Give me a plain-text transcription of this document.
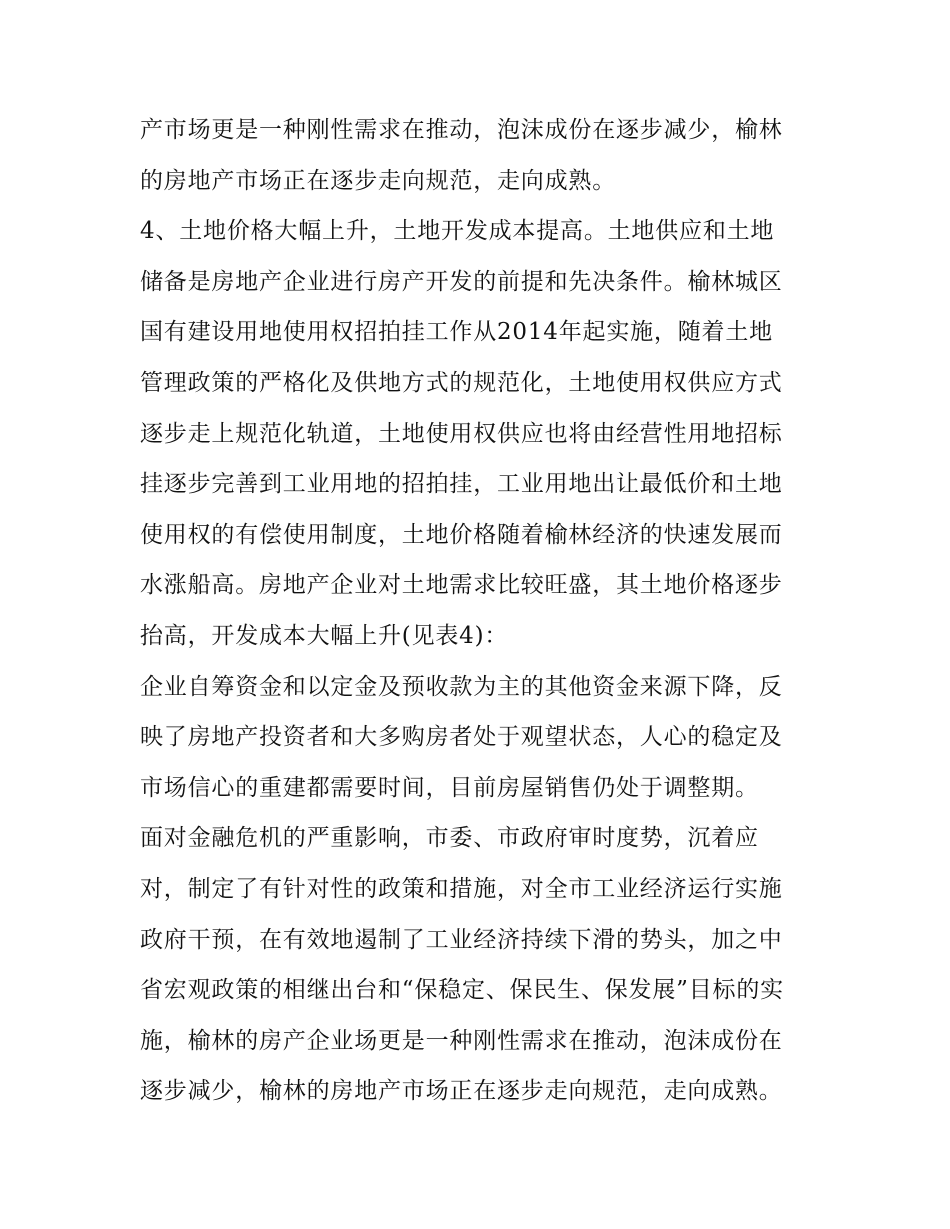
产市场更是一种刚性需求在推动，泡沫成份在逐步减少，榆林
的房地产市场正在逐步走向规范，走向成熟。
4、土地价格大幅上升，土地开发成本提高。土地供应和土地
储备是房地产企业进行房产开发的前提和先决条件。榆林城区
国有建设用地使用权招拍挂工作从2014年起实施，随着土地
管理政策的严格化及供地方式的规范化，土地使用权供应方式
逐步走上规范化轨道，土地使用权供应也将由经营性用地招标
挂逐步完善到工业用地的招拍挂，工业用地出让最低价和土地
使用权的有偿使用制度，土地价格随着榆林经济的快速发展而
水涨船高。房地产企业对土地需求比较旺盛，其土地价格逐步
抬高，开发成本大幅上升(见表4)：
企业自筹资金和以定金及预收款为主的其他资金来源下降，反
映了房地产投资者和大多购房者处于观望状态，人心的稳定及
市场信心的重建都需要时间，目前房屋销售仍处于调整期。
面对金融危机的严重影响，市委、市政府审时度势，沉着应
对，制定了有针对性的政策和措施，对全市工业经济运行实施
政府干预，在有效地遏制了工业经济持续下滑的势头，加之中
省宏观政策的相继出台和“保稳定、保民生、保发展”目标的实
施，榆林的房产企业场更是一种刚性需求在推动，泡沫成份在
逐步减少，榆林的房地产市场正在逐步走向规范，走向成熟。
